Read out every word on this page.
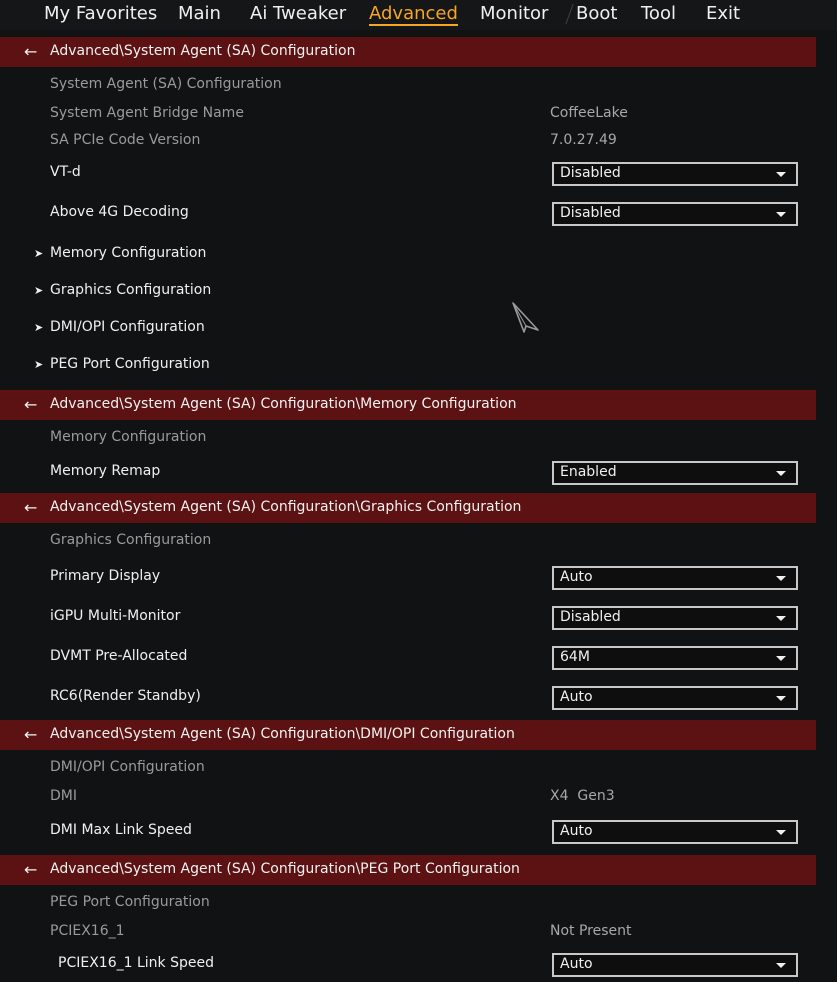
My Favorites Main Ai Tweaker Advanced Monitor Boot Tool Exit
← Advanced\System Agent (SA) Configuration
System Agent (SA) Configuration
System Agent Bridge Name	CoffeeLake
SA PCIe Code Version	7.0.27.49
VT-d	Disabled
Above 4G Decoding	Disabled
➤ Memory Configuration
➤ Graphics Configuration
➤ DMI/OPI Configuration
➤ PEG Port Configuration
← Advanced\System Agent (SA) Configuration\Memory Configuration
Memory Configuration
Memory Remap	Enabled
← Advanced\System Agent (SA) Configuration\Graphics Configuration
Graphics Configuration
Primary Display	Auto
iGPU Multi-Monitor	Disabled
DVMT Pre-Allocated	64M
RC6(Render Standby)	Auto
← Advanced\System Agent (SA) Configuration\DMI/OPI Configuration
DMI/OPI Configuration
DMI	X4  Gen3
DMI Max Link Speed	Auto
← Advanced\System Agent (SA) Configuration\PEG Port Configuration
PEG Port Configuration
PCIEX16_1	Not Present
PCIEX16_1 Link Speed	Auto
